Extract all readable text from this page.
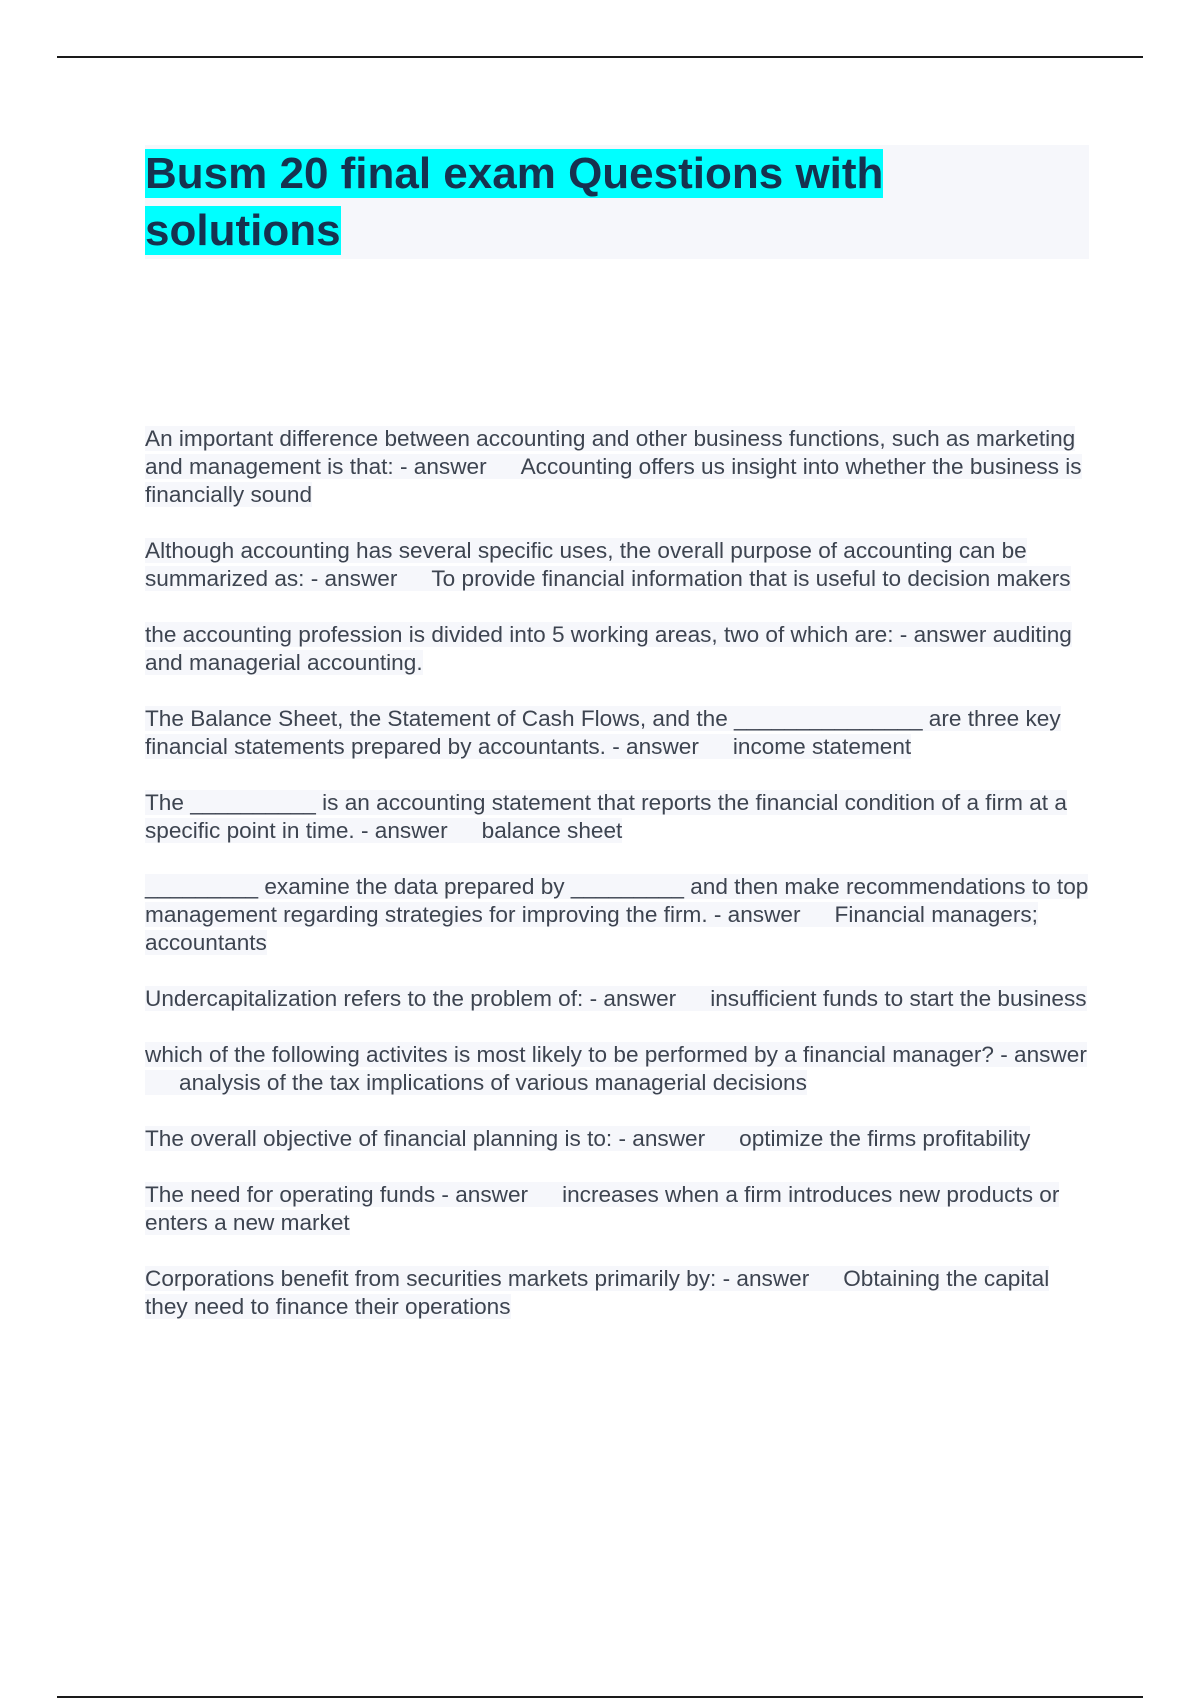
Busm 20 final exam Questions with solutions

An important difference between accounting and other business functions, such as marketing and management is that: - answer Accounting offers us insight into whether the business is financially sound

Although accounting has several specific uses, the overall purpose of accounting can be summarized as: - answer To provide financial information that is useful to decision makers

the accounting profession is divided into 5 working areas, two of which are: - answer auditing and managerial accounting.

The Balance Sheet, the Statement of Cash Flows, and the _______________ are three key financial statements prepared by accountants. - answer income statement

The __________ is an accounting statement that reports the financial condition of a firm at a specific point in time. - answer balance sheet

_________ examine the data prepared by _________ and then make recommendations to top management regarding strategies for improving the firm. - answer Financial managers; accountants

Undercapitalization refers to the problem of: - answer insufficient funds to start the business

which of the following activites is most likely to be performed by a financial manager? - answeranalysis of the tax implications of various managerial decisions

The overall objective of financial planning is to: - answer optimize the firms profitability

The need for operating funds - answer increases when a firm introduces new products or enters a new market

Corporations benefit from securities markets primarily by: - answer Obtaining the capital they need to finance their operations
